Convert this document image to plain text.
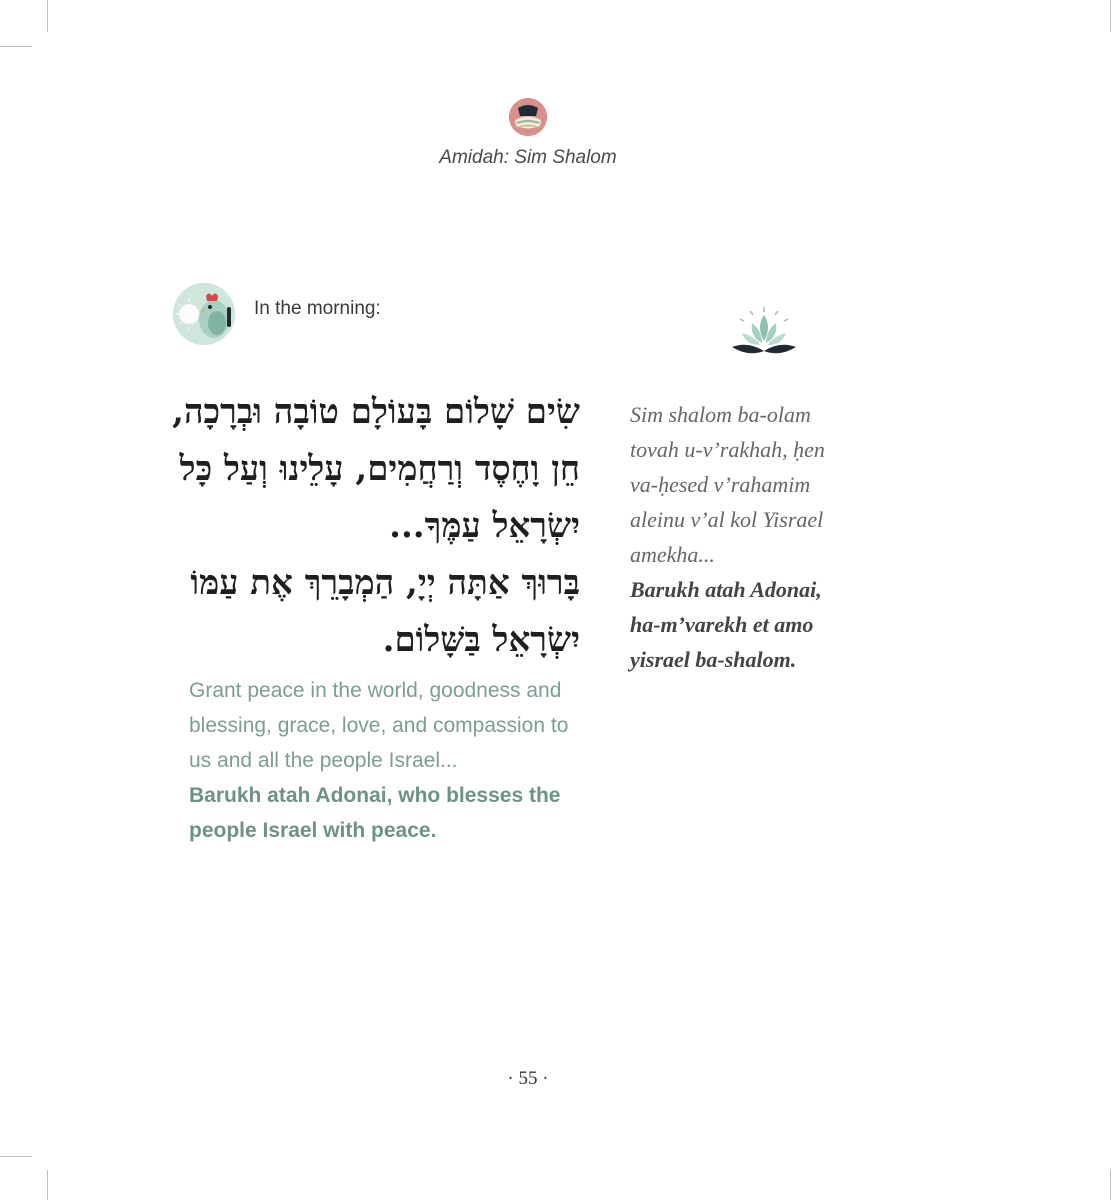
Amidah: Sim Shalom
In the morning:
שִׂים שָׁלוֹם בָּעוֹלָם טוֹבָה וּבְרָכָה,
חֵן וָחֶסֶד וְרַחֲמִים, עָלֵינוּ וְעַל כָּל
יִשְׂרָאֵל עַמֶּךָ...
בָּרוּךְ אַתָּה יְיָ, הַמְבָרֵךְ אֶת עַמּוֹ
יִשְׂרָאֵל בַּשָּׁלוֹם.
Grant peace in the world, goodness and
blessing, grace, love, and compassion to
us and all the people Israel...
Barukh atah Adonai, who blesses the
people Israel with peace.
Sim shalom ba-olam
tovah u-v’rakhah, ḥen
va-ḥesed v’rahamim
aleinu v’al kol Yisrael
amekha...
Barukh atah Adonai,
ha-m’varekh et amo
yisrael ba-shalom.
· 55 ·
